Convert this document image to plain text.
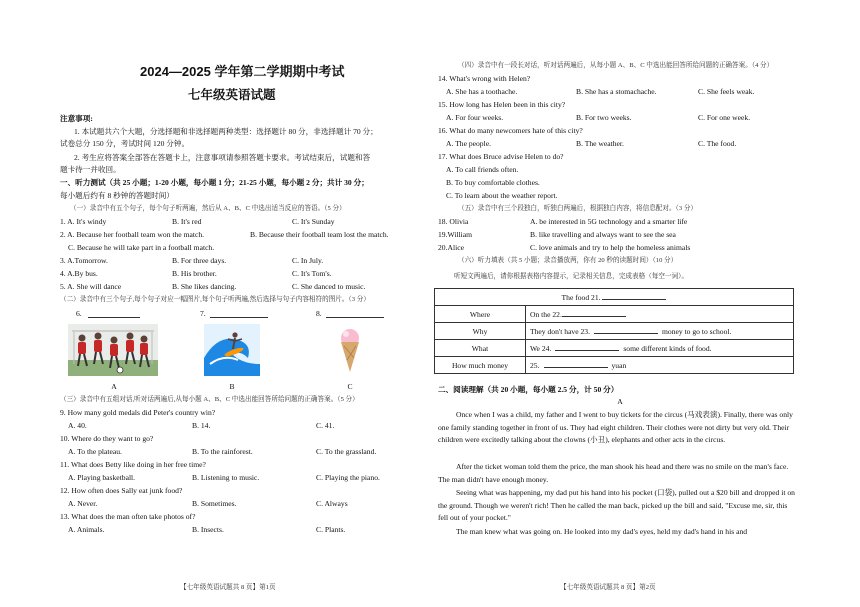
2024—2025 学年第二学期期中考试
七年级英语试题
注意事项:
1. 本试题共六个大题，分选择题和非选择题两种类型：选择题计 80 分，非选择题计 70 分；
试卷总分 150 分，考试时间 120 分钟。
2. 考生应将答案全部答在答题卡上，注意事项请参照答题卡要求。考试结束后，试题和答
题卡待一并收回。
一、听力测试（共 25 小题；1-20 小题，每小题 1 分；21-25 小题，每小题 2 分；共计 30 分；
每小题后约有 8 秒钟的答题时间）
（一）录音中有五个句子，每个句子听两遍，然后从 A、B、C 中选出适当反应的答语。（5 分）
1. A. It's windy	B. It's red	C. It's Sunday
2. A. Because her football team won the match.	B. Because their football team lost the match.
C. Because he will take part in a football match.
3. A.Tomorrow.	B. For three days.	C. In July.
4. A.By bus.	B. His brother.	C. It's Tom's.
5. A. She will dance	B. She likes dancing.	C. She danced to music.
（二）录音中有三个句子,每个句子对应一幅图片,每个句子听两遍,然后选择与句子内容相符的图片。（3 分）
6.	7.	8.
A	B	C
（三）录音中有五组对话,听对话两遍后,从每小题 A、B、C 中选出能回答所给问题的正确答案。（5 分）
9. How many gold medals did Peter's country win?
A. 40.	B. 14.	C. 41.
10. Where do they want to go?
A. To the plateau.	B. To the rainforest.	C. To the grassland.
11. What does Betty like doing in her free time?
A. Playing basketball.	B. Listening to music.	C. Playing the piano.
12. How often does Sally eat junk food?
A. Never.	B. Sometimes.	C. Always
13. What does the man often take photos of?
A. Animals.	B. Insects.	C. Plants.
【七年级英语试题共 8 页】第1页
（四）录音中有一段长对话，听对话两遍后，从每小题 A、B、C 中选出能回答所给问题的正确答案。（4 分）
14. What's wrong with Helen?
A. She has a toothache.	B. She has a stomachache.	C. She feels weak.
15. How long has Helen been in this city?
A. For four weeks.	B. For two weeks.	C. For one week.
16. What do many newcomers hate of this city?
A. The people.	B. The weather.	C. The food.
17. What does Bruce advise Helen to do?
A. To call friends often.
B. To buy comfortable clothes.
C. To learn about the weather report.
（五）录音中有三个段独白，听独白两遍后，根据独白内容，将信息配对。（3 分）
18. Olivia	A. be interested in 5G technology and a smarter life
19.William	B. like travelling and always want to see the sea
20.Alice	C. love animals and try to help the homeless animals
（六）听力填表（共 5 小题；录音播放两，你有 20 秒的读题时间）（10 分）
听短文两遍后，请你根据表格内容提示，记录相关信息，完成表格（每空一词）。
The food 21.	
Where	On the 22.
Why	They don't have 23. money to go to school.
What	We 24. some different kinds of food.
How much money	25. yuan
二、阅读理解（共 20 小题，每小题 2.5 分，计 50 分）
A
Once when I was a child, my father and I went to buy tickets for the circus (马戏表演). Finally, there was only one family standing together in front of us. They had eight children. Their clothes were not dirty but very old. Their children were excitedly talking about the clowns (小丑), elephants and other acts in the circus.
After the ticket woman told them the price, the man shook his head and there was no smile on the man's face. The man didn't have enough money.
Seeing what was happening, my dad put his hand into his pocket (口袋), pulled out a $20 bill and dropped it on the ground. Though we weren't rich! Then he called the man back, picked up the bill and said, "Excuse me, sir, this fell out of your pocket."
The man knew what was going on. He looked into my dad's eyes, held my dad's hand in his and
【七年级英语试题共 8 页】第2页
